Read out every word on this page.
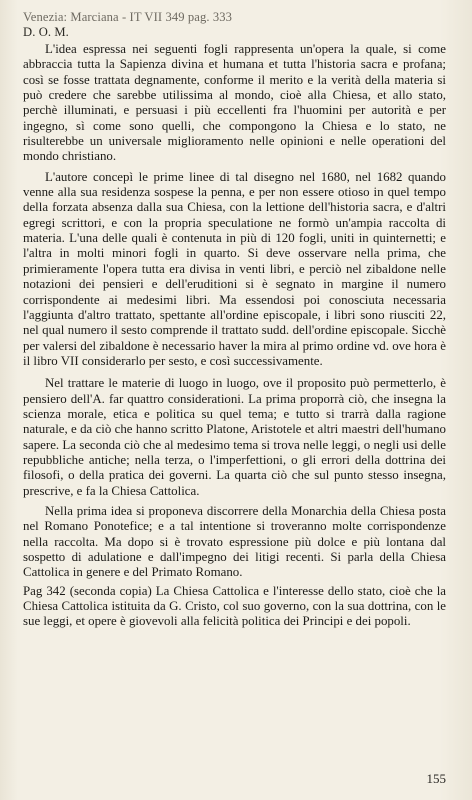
Venezia: Marciana - IT VII 349 pag. 333
D. O. M.

L'idea espressa nei seguenti fogli rappresenta un'opera la quale, si come abbraccia tutta la Sapienza divina et humana et tutta l'historia sacra e profana; così se fosse trattata degnamente, conforme il merito e la verità della materia si può credere che sarebbe utilissima al mondo, cioè alla Chiesa, et allo stato, perchè illuminati, e persuasi i più eccellenti fra l'huomini per autorità e per ingegno, sì come sono quelli, che compongono la Chiesa e lo stato, ne risulterebbe un universale miglioramento nelle opinioni e nelle operationi del mondo christiano.

L'autore concepì le prime linee di tal disegno nel 1680, nel 1682 quando venne alla sua residenza sospese la penna, e per non essere otioso in quel tempo della forzata absenza dalla sua Chiesa, con la lettione dell'historia sacra, e d'altri egregi scrittori, e con la propria speculatione ne formò un'ampia raccolta di materia. L'una delle quali è contenuta in più di 120 fogli, uniti in quinternetti; e l'altra in molti minori fogli in quarto. Si deve osservare nella prima, che primieramente l'opera tutta era divisa in venti libri, e perciò nel zibaldone nelle notazioni dei pensieri e dell'eruditioni si è segnato in margine il numero corrispondente ai medesimi libri. Ma essendosi poi conosciuta necessaria l'aggiunta d'altro trattato, spettante all'ordine episcopale, i libri sono riusciti 22, nel qual numero il sesto comprende il trattato sudd. dell'ordine episcopale. Sicchè per valersi del zibaldone è necessario haver la mira al primo ordine vd. ove hora è il libro VII considerarlo per sesto, e così successivamente.

Nel trattare le materie di luogo in luogo, ove il proposito può permetterlo, è pensiero dell'A. far quattro considerationi. La prima proporrà ciò, che insegna la scienza morale, etica e politica su quel tema; e tutto si trarrà dalla ragione naturale, e da ciò che hanno scritto Platone, Aristotele et altri maestri dell'humano sapere. La seconda ciò che al medesimo tema si trova nelle leggi, o negli usi delle repubbliche antiche; nella terza, o l'imperfettioni, o gli errori della dottrina dei filosofi, o della pratica dei governi. La quarta ciò che sul punto stesso insegna, prescrive, e fa la Chiesa Cattolica.

Nella prima idea si proponeva discorrere della Monarchia della Chiesa posta nel Romano Ponotefice; e a tal intentione si troveranno molte corrispondenze nella raccolta. Ma dopo si è trovato espressione più dolce e più lontana dal sospetto di adulatione e dall'impegno dei litigi recenti. Si parla della Chiesa Cattolica in genere e del Primato Romano.

Pag 342 (seconda copia) La Chiesa Cattolica e l'interesse dello stato, cioè che la Chiesa Cattolica istituita da G. Cristo, col suo governo, con la sua dottrina, con le sue leggi, et opere è giovevoli alla felicità politica dei Principi e dei popoli.

155
